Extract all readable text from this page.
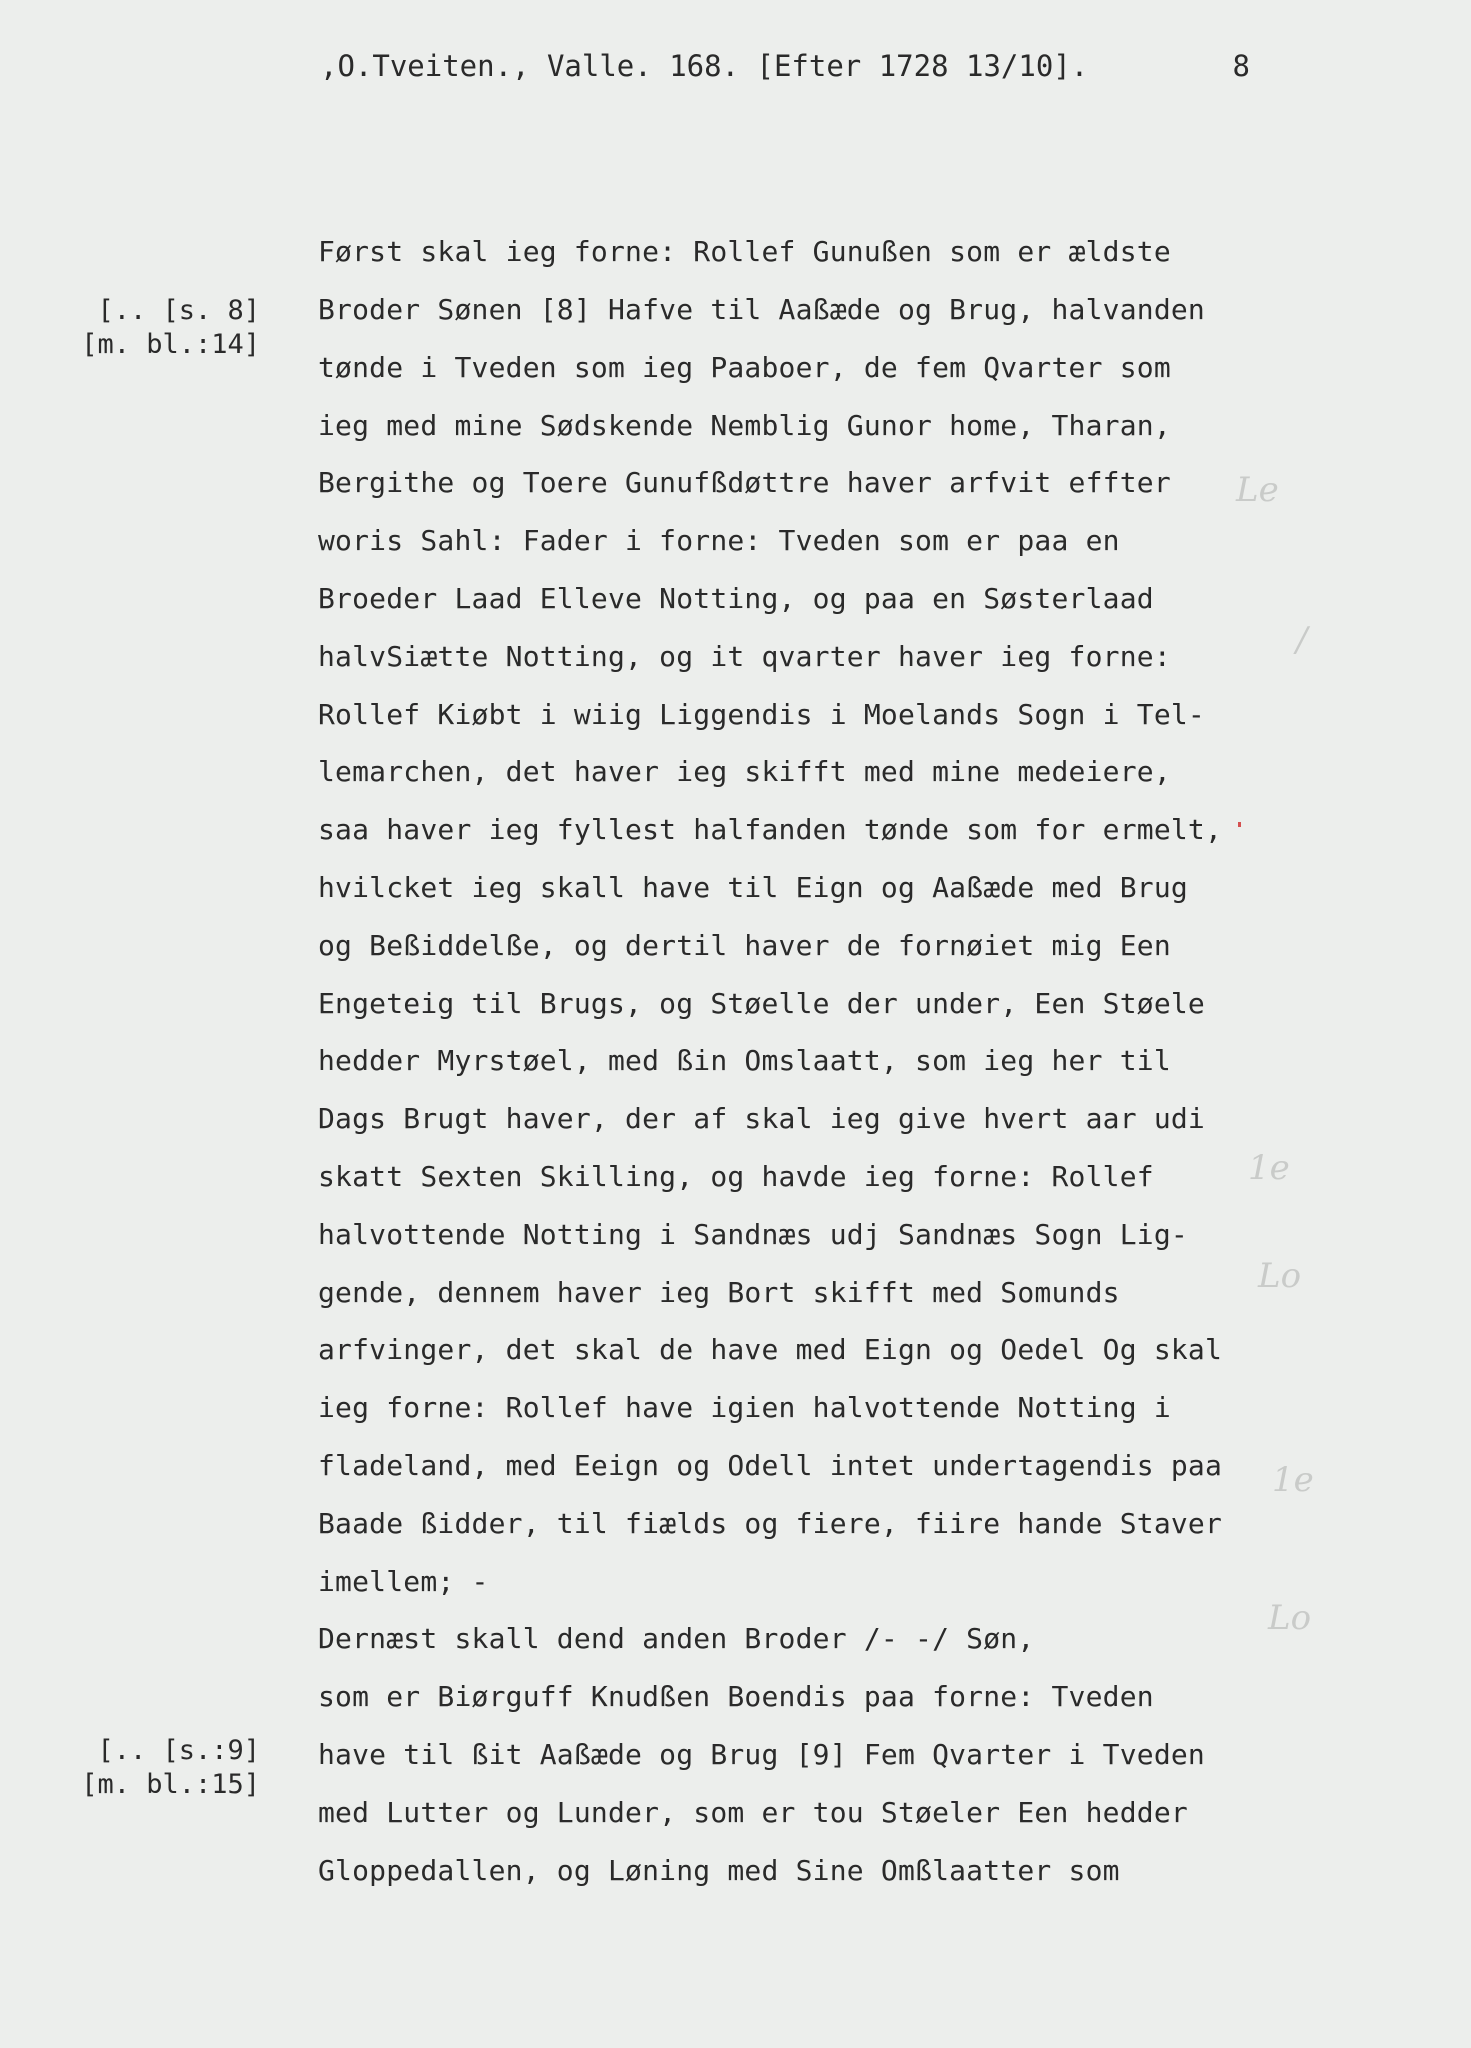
,O.Tveiten., Valle. 168. [Efter 1728 13/10].	8
[.. [s. 8]
[m. bl.:14]
[.. [s.:9]
[m. bl.:15]
Først skal ieg forne: Rollef Gunußen som er ældste
Broder Sønen [8] Hafve til Aaßæde og Brug, halvanden
tønde i Tveden som ieg Paaboer, de fem Qvarter som
ieg med mine Sødskende Nemblig Gunor home, Tharan,
Bergithe og Toere Gunufßdøttre haver arfvit effter
woris Sahl: Fader i forne: Tveden som er paa en
Broeder Laad Elleve Notting, og paa en Søsterlaad
halvSiætte Notting, og it qvarter haver ieg forne:
Rollef Kiøbt i wiig Liggendis i Moelands Sogn i Tel-
lemarchen, det haver ieg skifft med mine medeiere,
saa haver ieg fyllest halfanden tønde som for ermelt,
hvilcket ieg skall have til Eign og Aaßæde med Brug
og Beßiddelße, og dertil haver de fornøiet mig Een
Engeteig til Brugs, og Støelle der under, Een Støele
hedder Myrstøel, med ßin Omslaatt, som ieg her til
Dags Brugt haver, der af skal ieg give hvert aar udi
skatt Sexten Skilling, og havde ieg forne: Rollef
halvottende Notting i Sandnæs udj Sandnæs Sogn Lig-
gende, dennem haver ieg Bort skifft med Somunds
arfvinger, det skal de have med Eign og Oedel Og skal
ieg forne: Rollef have igien halvottende Notting i
fladeland, med Eeign og Odell intet undertagendis paa
Baade ßidder, til fiælds og fiere, fiire hande Staver
imellem; -
Dernæst skall dend anden Broder /- -/ Søn,
som er Biørguff Knudßen Boendis paa forne: Tveden
have til ßit Aaßæde og Brug [9] Fem Qvarter i Tveden
med Lutter og Lunder, som er tou Støeler Een hedder
Gloppedallen, og Løning med Sine Omßlaatter som
Le
/
1e
Lo
1e
Lo
